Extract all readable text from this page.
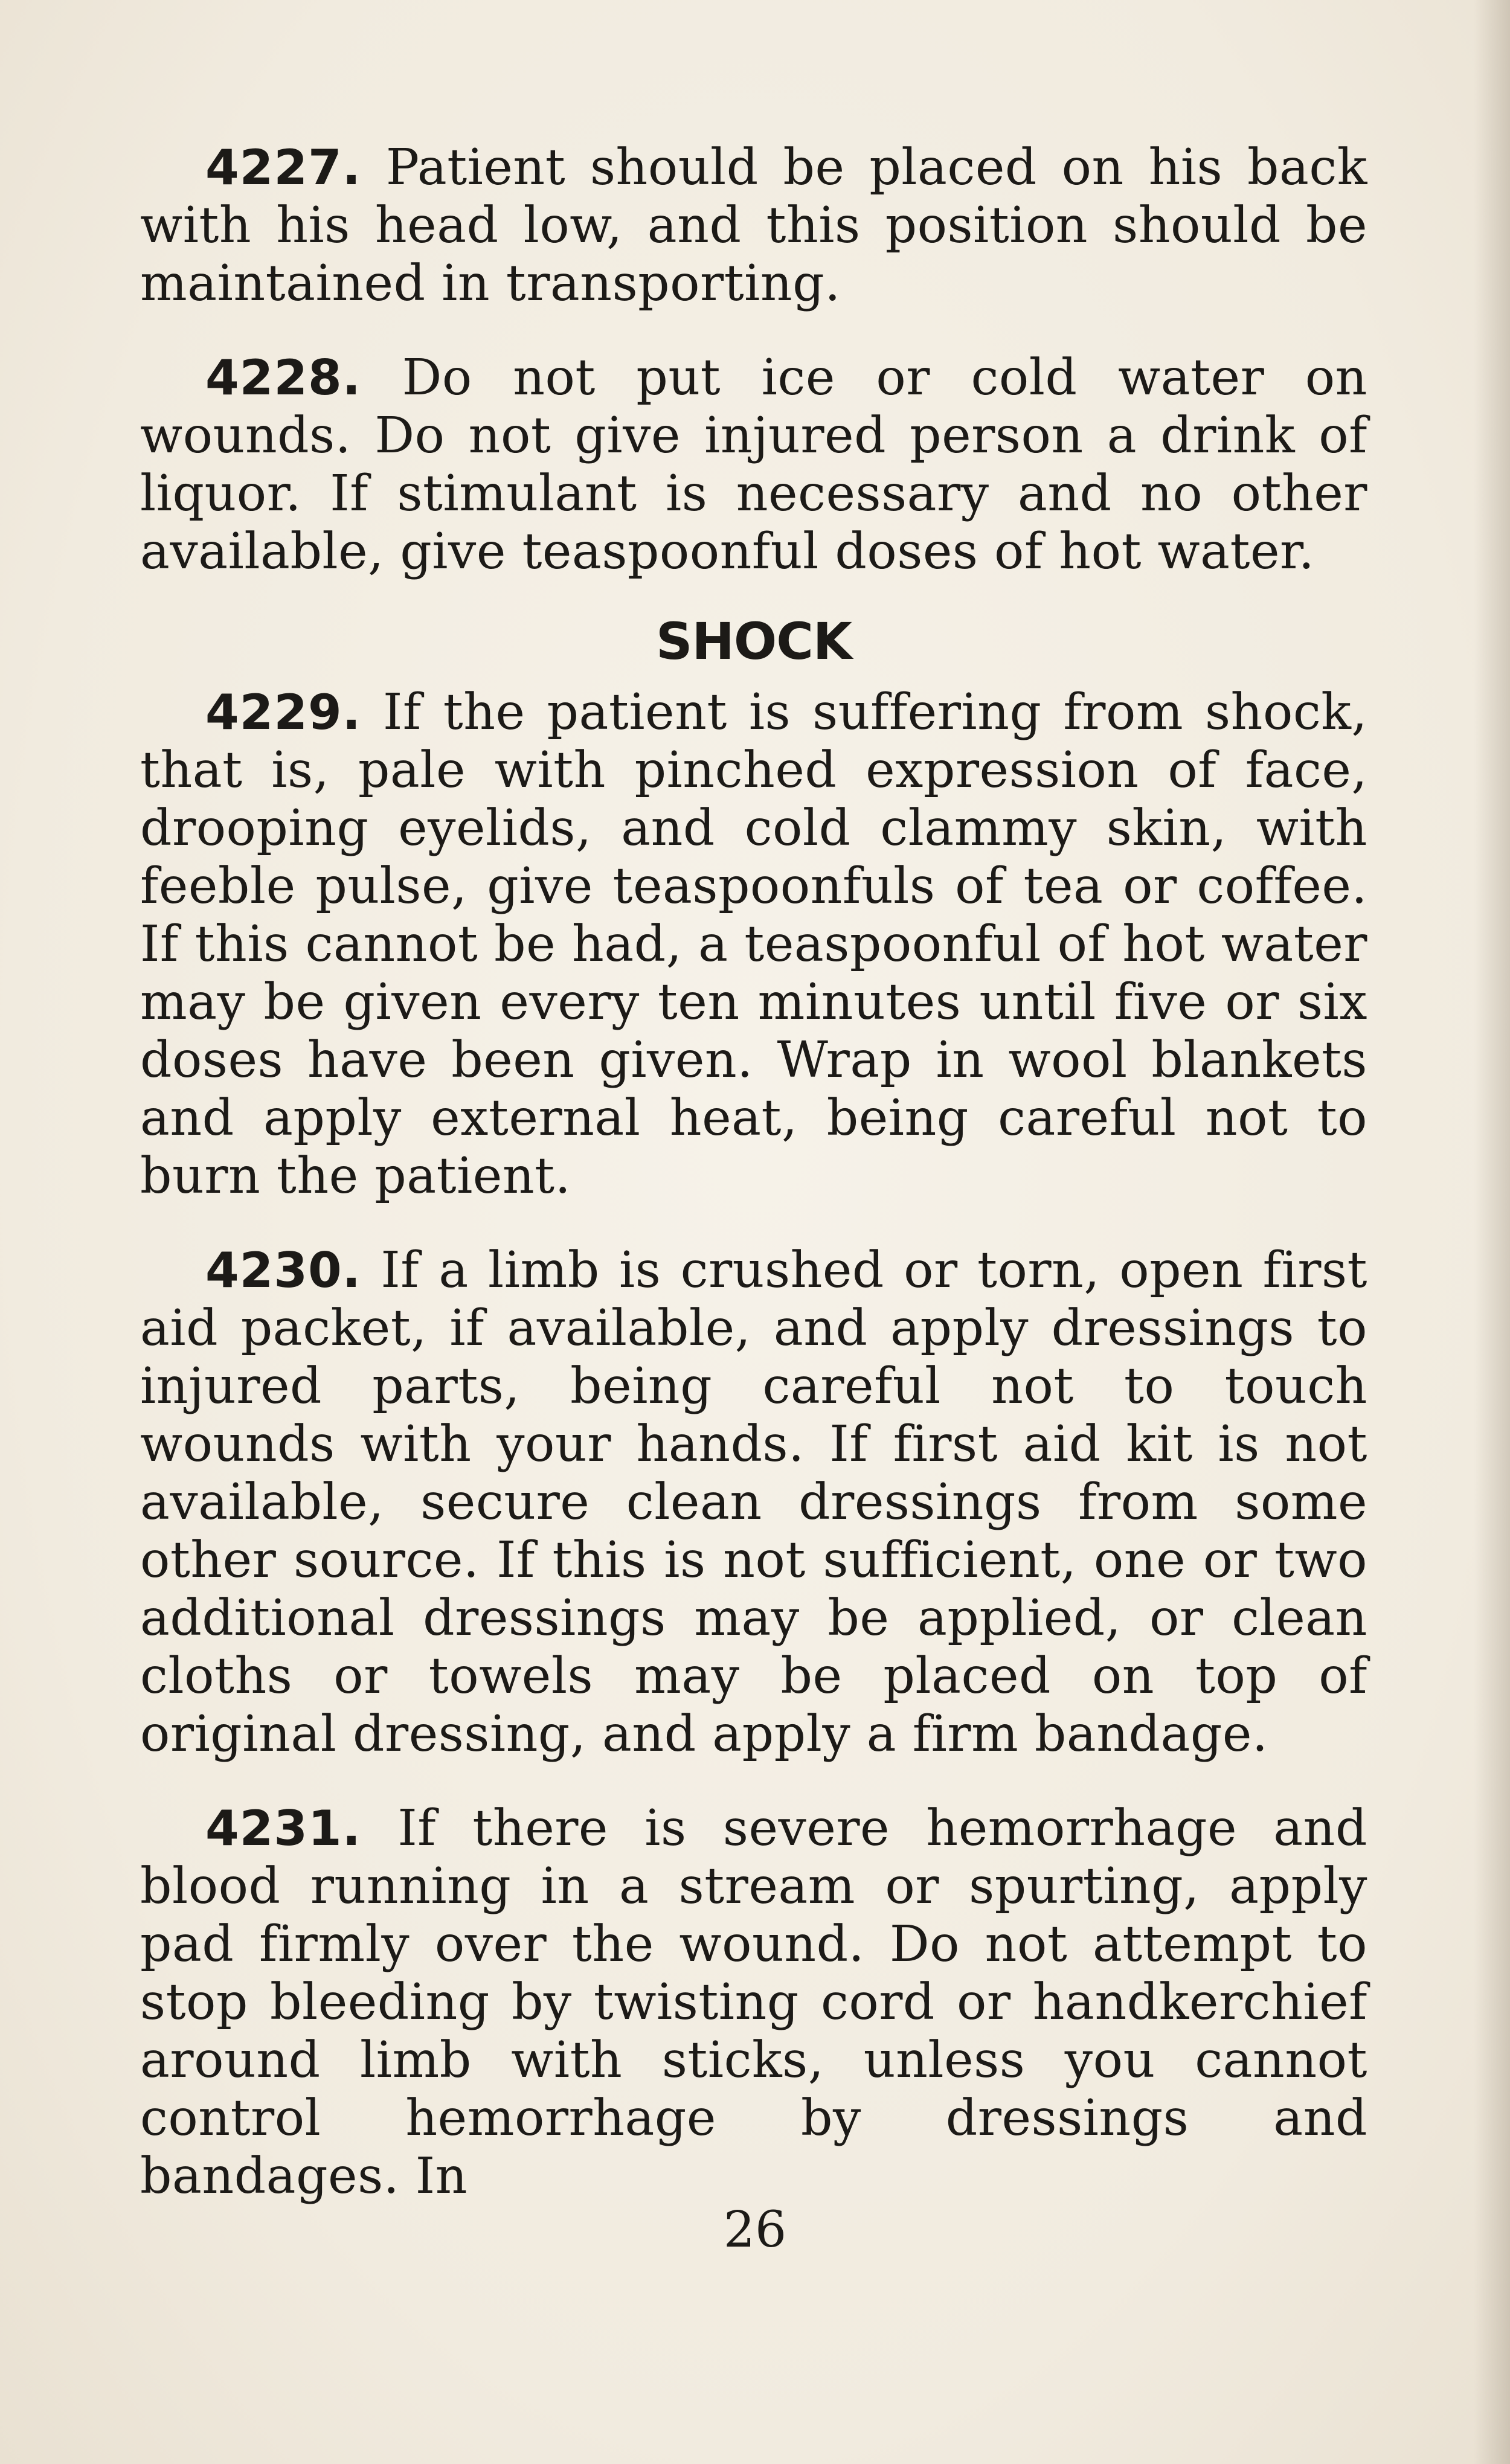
4227. Patient should be placed on his back with his head low, and this position should be maintained in transporting.

4228. Do not put ice or cold water on wounds. Do not give injured person a drink of liquor. If stimulant is necessary and no other available, give teaspoonful doses of hot water.

SHOCK

4229. If the patient is suffering from shock, that is, pale with pinched expression of face, drooping eyelids, and cold clammy skin, with feeble pulse, give teaspoonfuls of tea or coffee. If this cannot be had, a teaspoonful of hot water may be given every ten minutes until five or six doses have been given. Wrap in wool blankets and apply external heat, being careful not to burn the patient.

4230. If a limb is crushed or torn, open first aid packet, if available, and apply dressings to injured parts, being careful not to touch wounds with your hands. If first aid kit is not available, secure clean dressings from some other source. If this is not sufficient, one or two additional dressings may be applied, or clean cloths or towels may be placed on top of original dressing, and apply a firm bandage.

4231. If there is severe hemorrhage and blood running in a stream or spurting, apply pad firmly over the wound. Do not attempt to stop bleeding by twisting cord or handkerchief around limb with sticks, unless you cannot control hemorrhage by dressings and bandages. In

26
